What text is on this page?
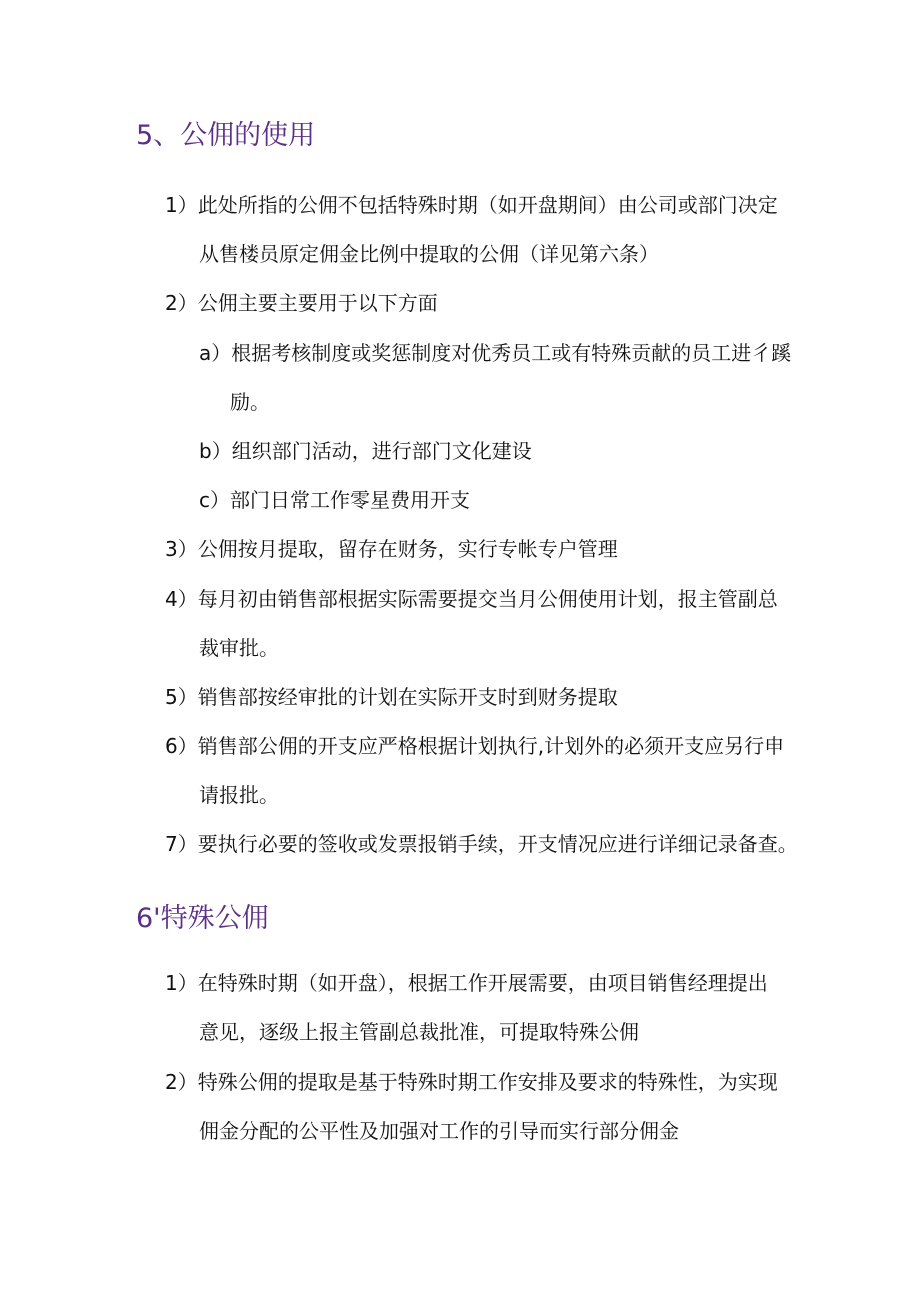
5、公佣的使用
1）此处所指的公佣不包括特殊时期（如开盘期间）由公司或部门决定
从售楼员原定佣金比例中提取的公佣（详见第六条）
2）公佣主要主要用于以下方面
a）根据考核制度或奖惩制度对优秀员工或有特殊贡献的员工进彳蹊
励。
b）组织部门活动，进行部门文化建设
c）部门日常工作零星费用开支
3）公佣按月提取，留存在财务，实行专帐专户管理
4）每月初由销售部根据实际需要提交当月公佣使用计划，报主管副总
裁审批。
5）销售部按经审批的计划在实际开支时到财务提取
6）销售部公佣的开支应严格根据计划执行,计划外的必须开支应另行申
请报批。
7）要执行必要的签收或发票报销手续，开支情况应进行详细记录备查。
6'特殊公佣
1）在特殊时期（如开盘），根据工作开展需要，由项目销售经理提出
意见，逐级上报主管副总裁批准，可提取特殊公佣
2）特殊公佣的提取是基于特殊时期工作安排及要求的特殊性，为实现
佣金分配的公平性及加强对工作的引导而实行部分佣金
